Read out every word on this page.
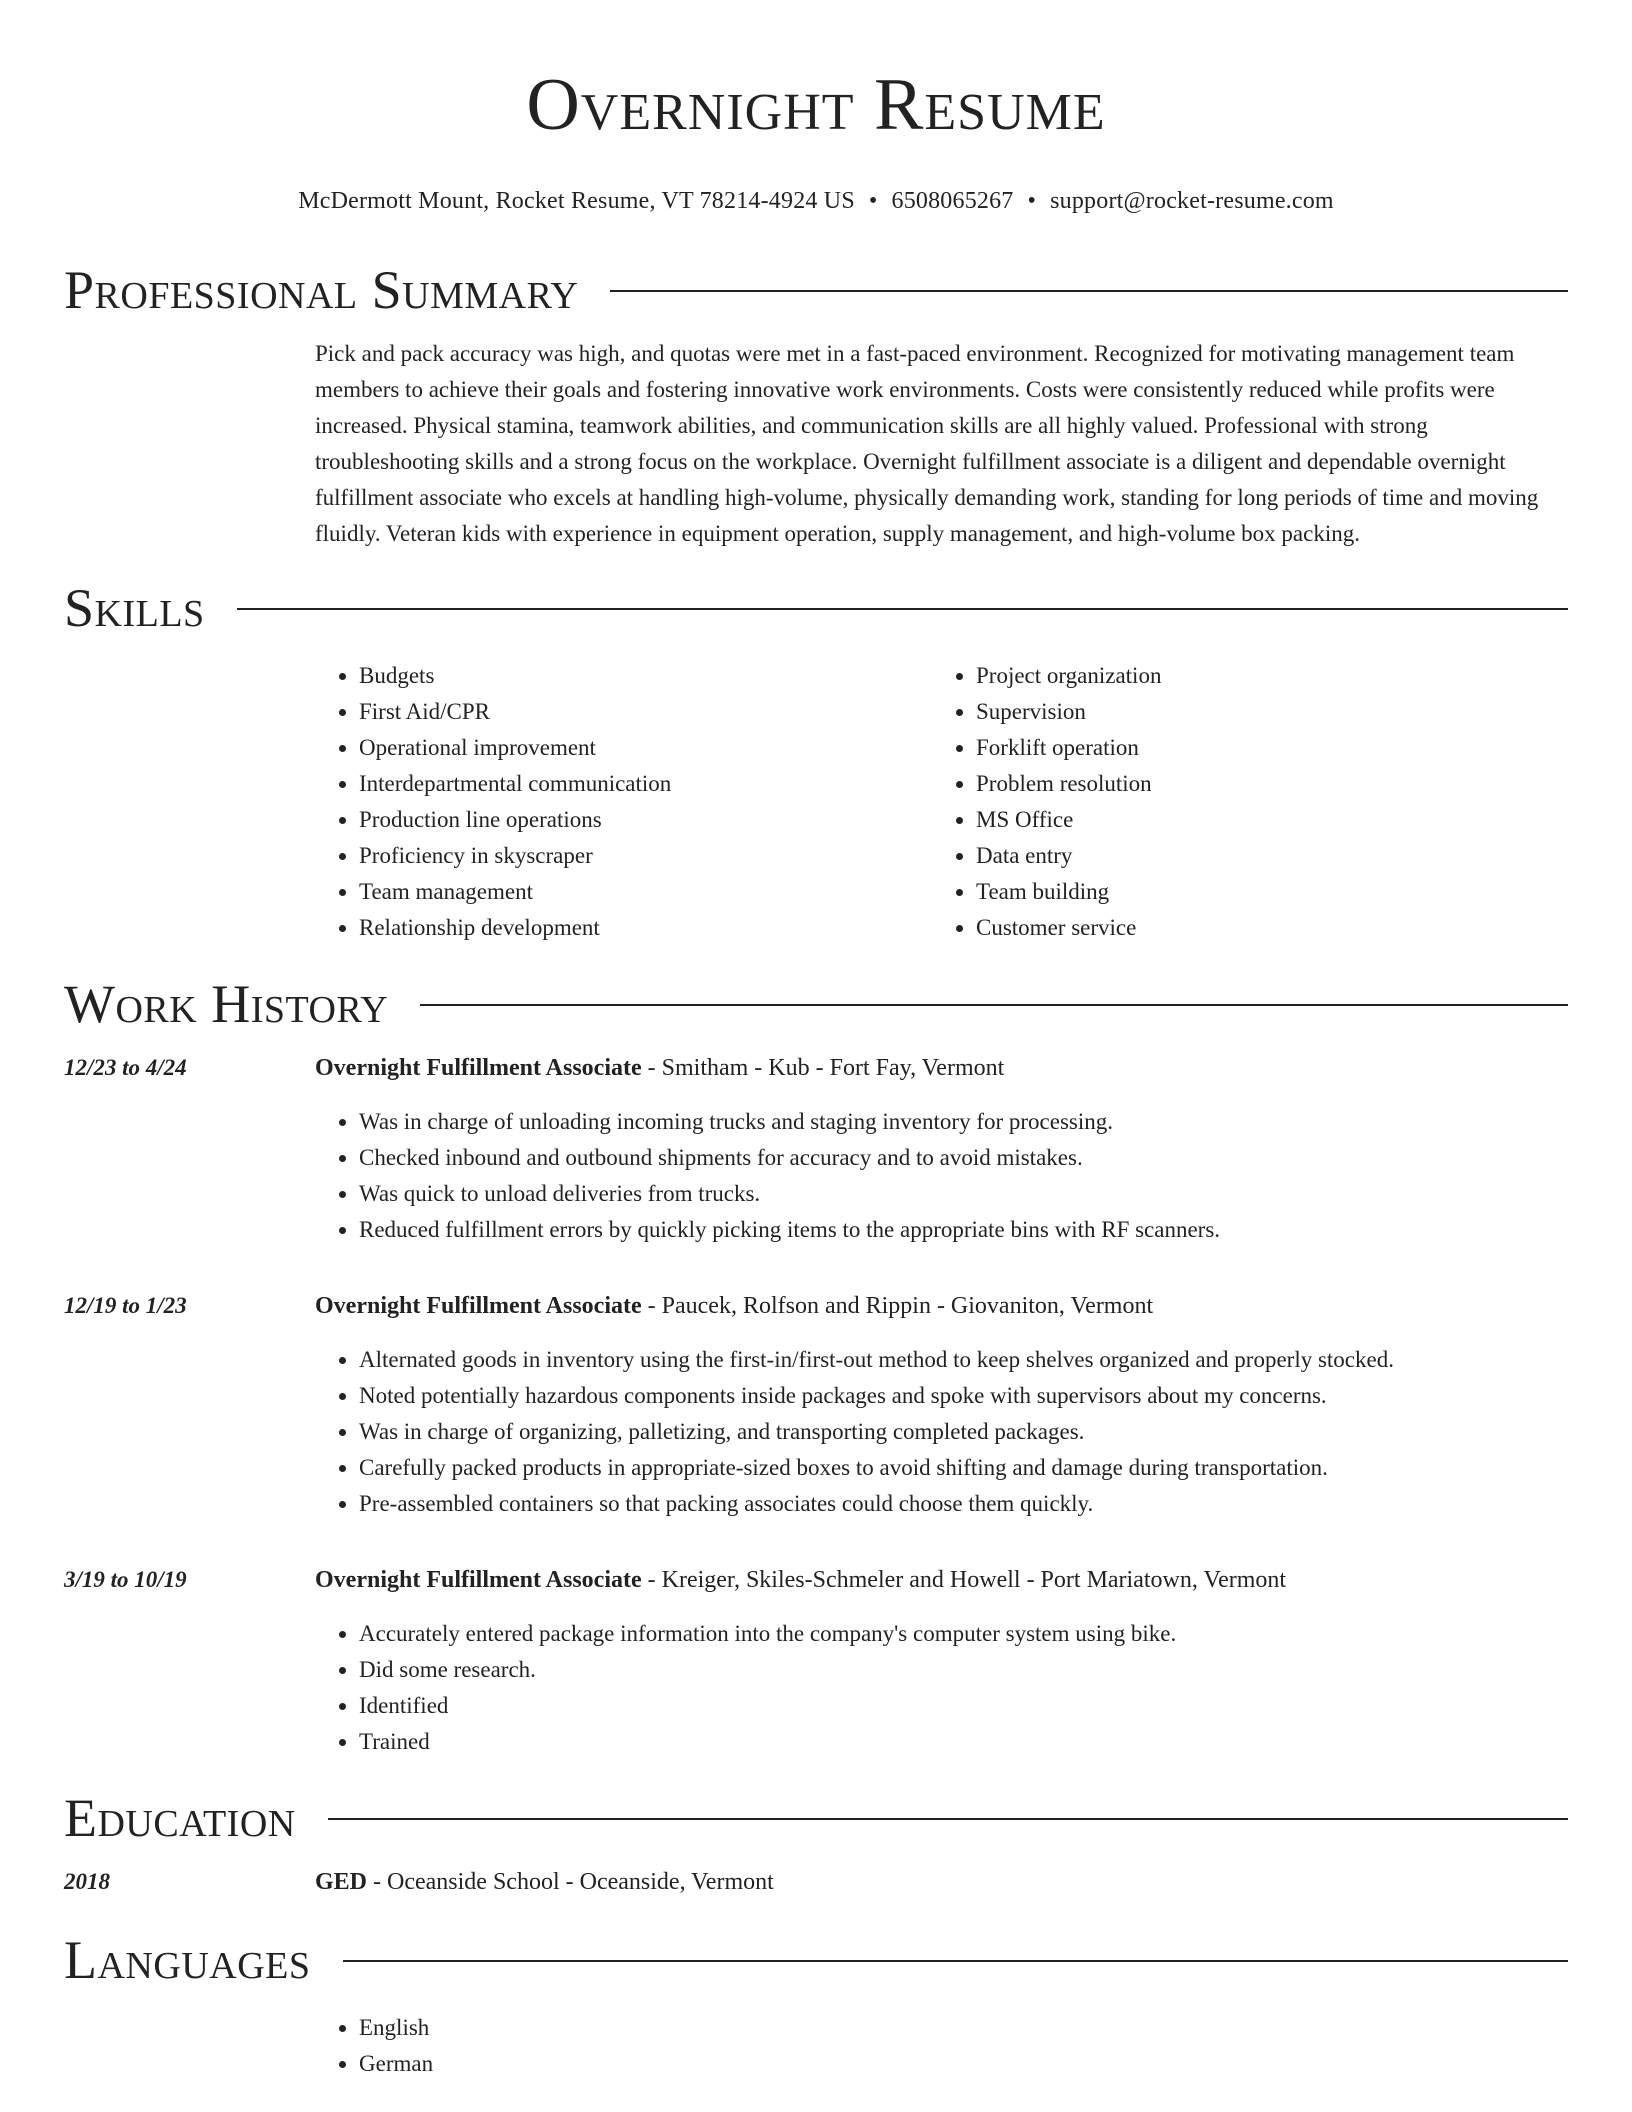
Overnight Resume
McDermott Mount, Rocket Resume, VT 78214-4924 US • 6508065267 • support@rocket-resume.com
Professional Summary

Pick and pack accuracy was high, and quotas were met in a fast-paced environment. Recognized for motivating management team members to achieve their goals and fostering innovative work environments. Costs were consistently reduced while profits were increased. Physical stamina, teamwork abilities, and communication skills are all highly valued. Professional with strong troubleshooting skills and a strong focus on the workplace. Overnight fulfillment associate is a diligent and dependable overnight fulfillment associate who excels at handling high-volume, physically demanding work, standing for long periods of time and moving fluidly. Veteran kids with experience in equipment operation, supply management, and high-volume box packing.

Skills
• Budgets
• First Aid/CPR
• Operational improvement
• Interdepartmental communication
• Production line operations
• Proficiency in skyscraper
• Team management
• Relationship development
• Project organization
• Supervision
• Forklift operation
• Problem resolution
• MS Office
• Data entry
• Team building
• Customer service
Work History
12/23 to 4/24	Overnight Fulfillment Associate - Smitham - Kub - Fort Fay, Vermont
• Was in charge of unloading incoming trucks and staging inventory for processing.
• Checked inbound and outbound shipments for accuracy and to avoid mistakes.
• Was quick to unload deliveries from trucks.
• Reduced fulfillment errors by quickly picking items to the appropriate bins with RF scanners.
12/19 to 1/23	Overnight Fulfillment Associate - Paucek, Rolfson and Rippin - Giovaniton, Vermont
• Alternated goods in inventory using the first-in/first-out method to keep shelves organized and properly stocked.
• Noted potentially hazardous components inside packages and spoke with supervisors about my concerns.
• Was in charge of organizing, palletizing, and transporting completed packages.
• Carefully packed products in appropriate-sized boxes to avoid shifting and damage during transportation.
• Pre-assembled containers so that packing associates could choose them quickly.
3/19 to 10/19	Overnight Fulfillment Associate - Kreiger, Skiles-Schmeler and Howell - Port Mariatown, Vermont
• Accurately entered package information into the company's computer system using bike.
• Did some research.
• Identified
• Trained
Education
2018	GED - Oceanside School - Oceanside, Vermont
Languages
• English
• German
